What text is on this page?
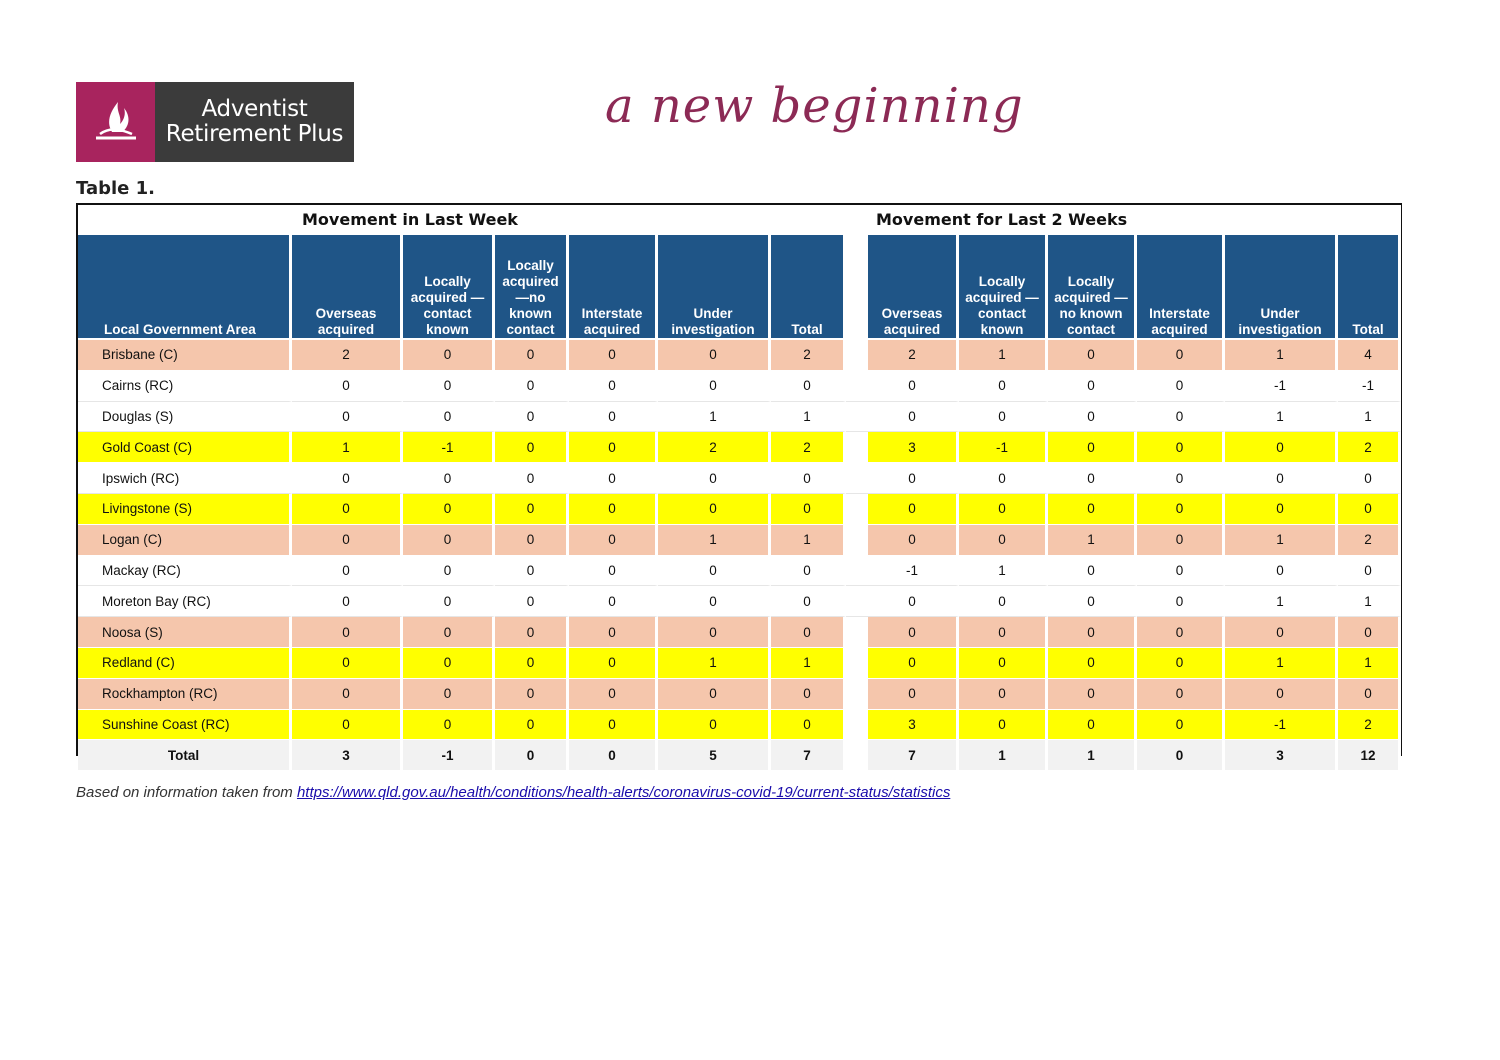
Adventist
Retirement Plus	a new beginning
Table 1.
	Movement in Last Week							Movement for Last 2 Weeks					
Local Government Area	Overseas acquired	Locally acquired —contact known	Locally acquired —no known contact	Interstate acquired	Under investigation	Total		Overseas acquired	Locally acquired —contact known	Locally acquired —no known contact	Interstate acquired	Under investigation	Total
Brisbane (C)	2	0	0	0	0	2		2	1	0	0	1	4
Cairns (RC)	0	0	0	0	0	0		0	0	0	0	-1	-1
Douglas (S)	0	0	0	0	1	1		0	0	0	0	1	1
Gold Coast (C)	1	-1	0	0	2	2		3	-1	0	0	0	2
Ipswich (RC)	0	0	0	0	0	0		0	0	0	0	0	0
Livingstone (S)	0	0	0	0	0	0		0	0	0	0	0	0
Logan (C)	0	0	0	0	1	1		0	0	1	0	1	2
Mackay (RC)	0	0	0	0	0	0		-1	1	0	0	0	0
Moreton Bay (RC)	0	0	0	0	0	0		0	0	0	0	1	1
Noosa (S)	0	0	0	0	0	0		0	0	0	0	0	0
Redland (C)	0	0	0	0	1	1		0	0	0	0	1	1
Rockhampton (RC)	0	0	0	0	0	0		0	0	0	0	0	0
Sunshine Coast (RC)	0	0	0	0	0	0		3	0	0	0	-1	2
Total	3	-1	0	0	5	7		7	1	1	0	3	12
Based on information taken from https://www.qld.gov.au/health/conditions/health-alerts/coronavirus-covid-19/current-status/statistics
